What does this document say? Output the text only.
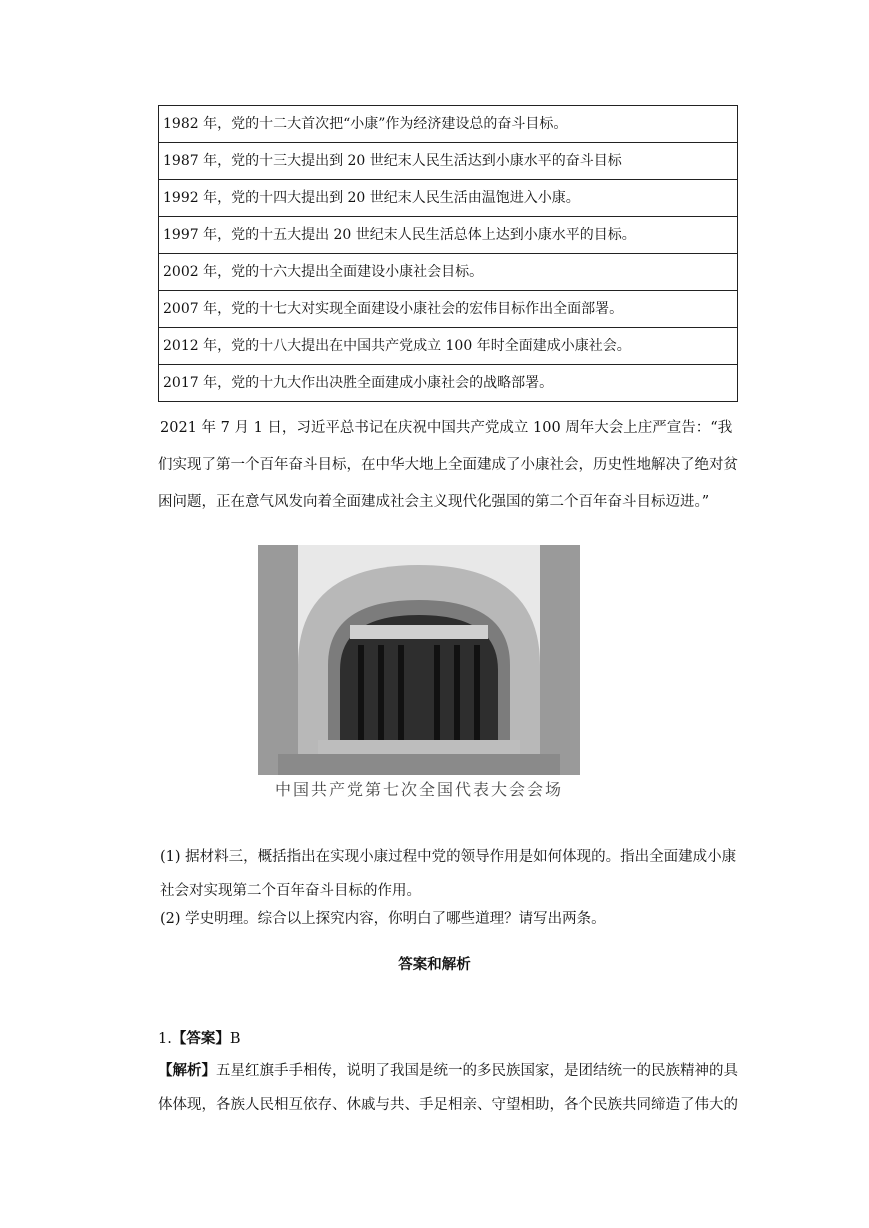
1982 年，党的十二大首次把“小康”作为经济建设总的奋斗目标。
1987 年，党的十三大提出到 20 世纪末人民生活达到小康水平的奋斗目标
1992 年，党的十四大提出到 20 世纪末人民生活由温饱进入小康。
1997 年，党的十五大提出 20 世纪末人民生活总体上达到小康水平的目标。
2002 年，党的十六大提出全面建设小康社会目标。
2007 年，党的十七大对实现全面建设小康社会的宏伟目标作出全面部署。
2012 年，党的十八大提出在中国共产党成立 100 年时全面建成小康社会。
2017 年，党的十九大作出决胜全面建成小康社会的战略部署。
2021 年 7 月 1 日，习近平总书记在庆祝中国共产党成立 100 周年大会上庄严宣告：“我们实现了第一个百年奋斗目标，在中华大地上全面建成了小康社会，历史性地解决了绝对贫困问题，正在意气风发向着全面建成社会主义现代化强国的第二个百年奋斗目标迈进。”
中国共产党第七次全国代表大会会场
(1) 据材料三，概括指出在实现小康过程中党的领导作用是如何体现的。指出全面建成小康社会对实现第二个百年奋斗目标的作用。
(2) 学史明理。综合以上探究内容，你明白了哪些道理？请写出两条。
答案和解析
1.【答案】B
【解析】五星红旗手手相传，说明了我国是统一的多民族国家，是团结统一的民族精神的具体体现，各族人民相互依存、休戚与共、手足相亲、守望相助，各个民族共同缔造了伟大的
